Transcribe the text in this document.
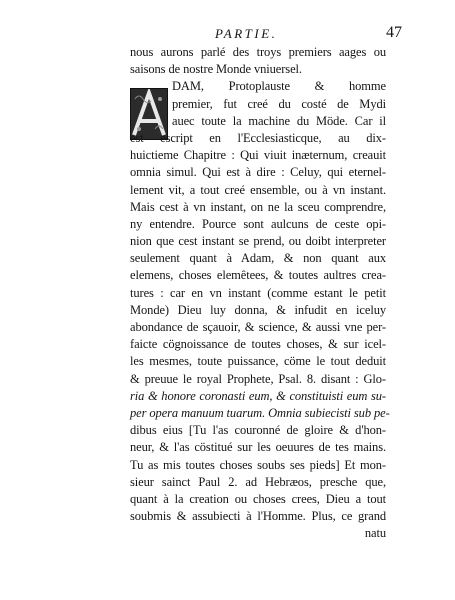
PARTIE.	47
nous aurons parlé des troys premiers aages ou
saisons de nostre Monde vniuersel.
DAM, Protoplauste & homme
premier, fut creé du costé de Mydi
auec toute la machine du Möde. Car il
est escript en l'Ecclesiasticque, au dix-
huictieme Chapitre : Qui viuit inæternum, creauit
omnia simul. Qui est à dire : Celuy, qui eternel-
lement vit, a tout creé ensemble, ou à vn instant.
Mais cest à vn instant, on ne la sceu comprendre,
ny entendre. Pource sont aulcuns de ceste opi-
nion que cest instant se prend, ou doibt interpreter
seulement quant à Adam, & non quant aux
elemens, choses elemêtees, & toutes aultres crea-
tures : car en vn instant (comme estant le petit
Monde) Dieu luy donna, & infudit en iceluy
abondance de sçauoir, & science, & aussi vne per-
faicte cögnoissance de toutes choses, & sur icel-
les mesmes, toute puissance, cöme le tout deduit
& preuue le royal Prophete, Psal. 8. disant : Glo-
ria & honore coronasti eum, & constituisti eum su-
per opera manuum tuarum. Omnia subiecisti sub pe-
dibus eius [Tu l'as couronné de gloire & d'hon-
neur, & l'as cöstitué sur les oeuures de tes mains.
Tu as mis toutes choses soubs ses pieds] Et mon-
sieur sainct Paul 2. ad Hebræos, presche que,
quant à la creation ou choses crees, Dieu a tout
soubmis & assubiecti à l'Homme. Plus, ce grand
natu
